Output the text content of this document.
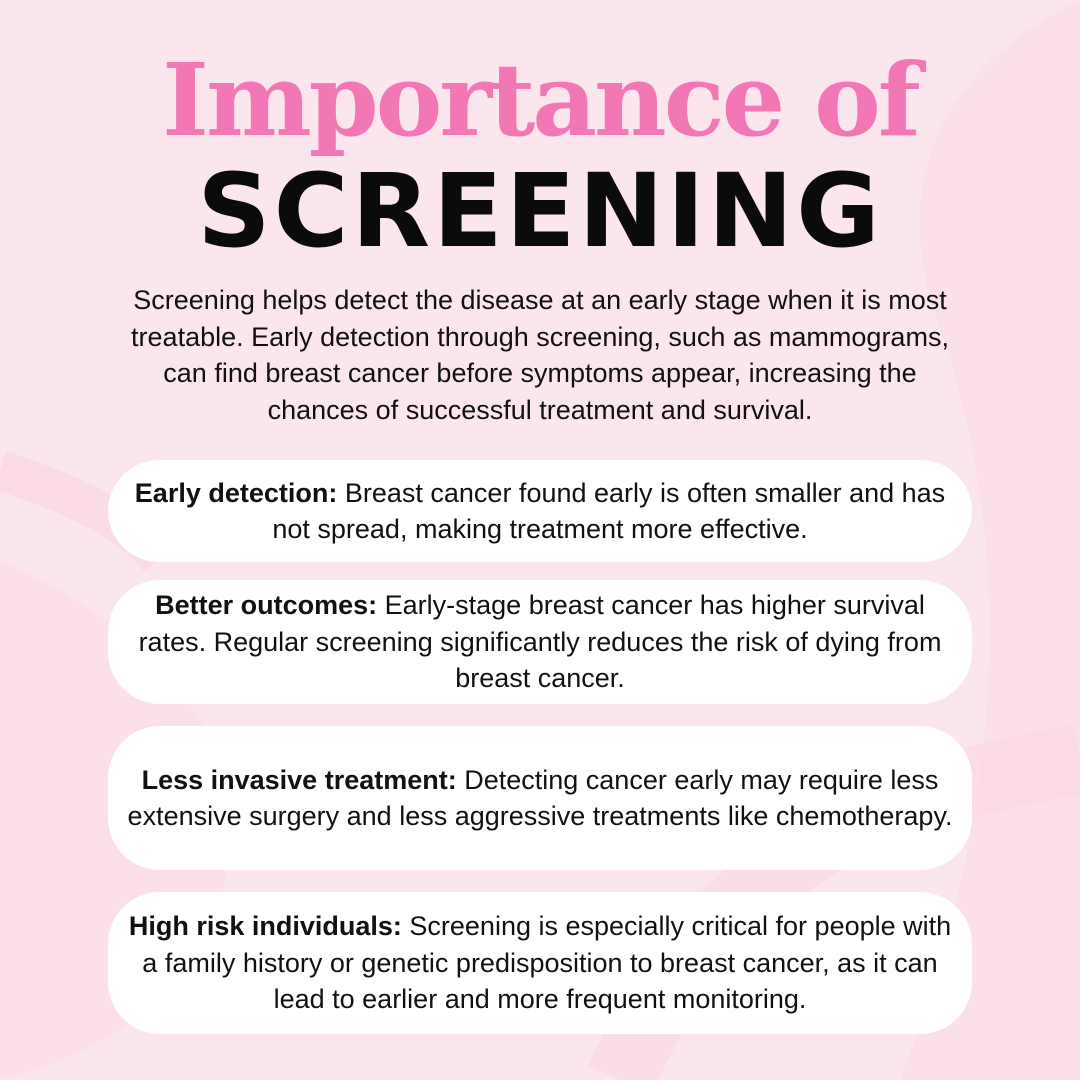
Importance of
SCREENING
Screening helps detect the disease at an early stage when it is most treatable. Early detection through screening, such as mammograms, can find breast cancer before symptoms appear, increasing the chances of successful treatment and survival.

Early detection: Breast cancer found early is often smaller and has not spread, making treatment more effective.

Better outcomes: Early-stage breast cancer has higher survival rates. Regular screening significantly reduces the risk of dying from breast cancer.

Less invasive treatment: Detecting cancer early may require less extensive surgery and less aggressive treatments like chemotherapy.

High risk individuals: Screening is especially critical for people with a family history or genetic predisposition to breast cancer, as it can lead to earlier and more frequent monitoring.
